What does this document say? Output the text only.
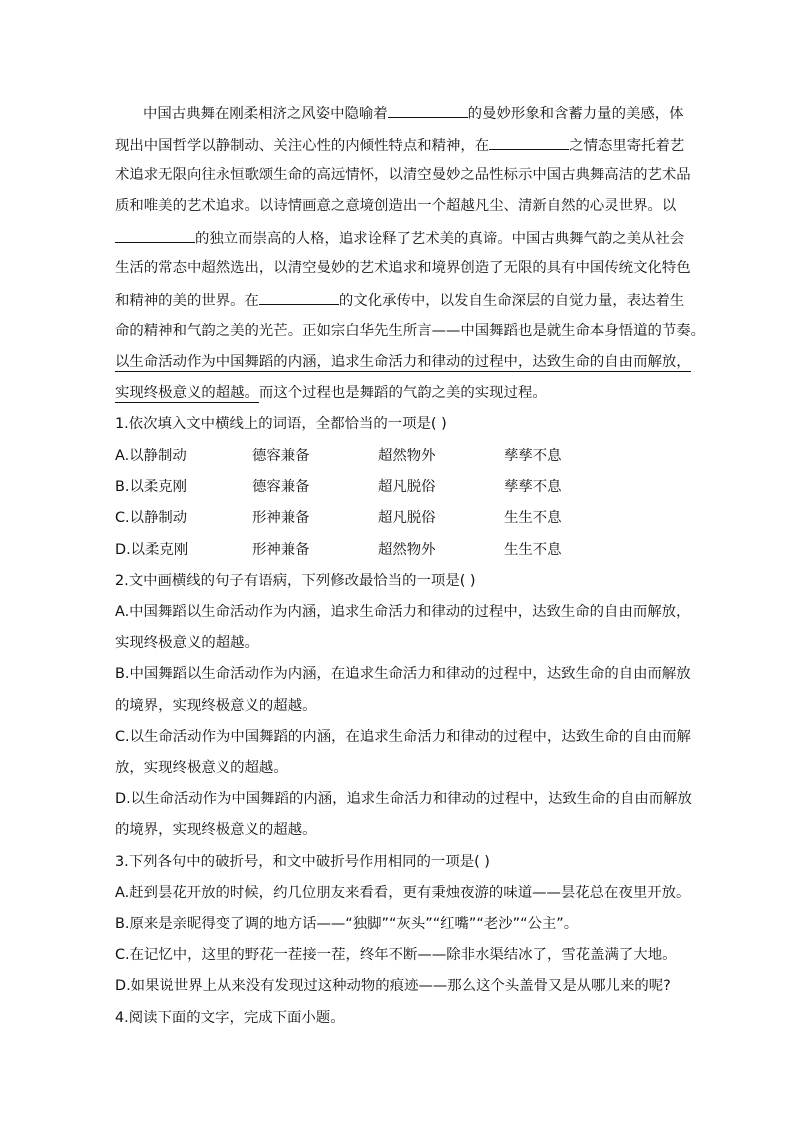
中国古典舞在刚柔相济之风姿中隐喻着	的曼妙形象和含蓄力量的美感，体
现出中国哲学以静制动、关注心性的内倾性特点和精神，在	之情态里寄托着艺
术追求无限向往永恒歌颂生命的高远情怀，以清空曼妙之品性标示中国古典舞高洁的艺术品
质和唯美的艺术追求。以诗情画意之意境创造出一个超越凡尘、清新自然的心灵世界。以
的独立而崇高的人格，追求诠释了艺术美的真谛。中国古典舞气韵之美从社会
生活的常态中超然选出，以清空曼妙的艺术追求和境界创造了无限的具有中国传统文化特色
和精神的美的世界。在	的文化承传中，以发自生命深层的自觉力量，表达着生
命的精神和气韵之美的光芒。正如宗白华先生所言——中国舞蹈也是就生命本身悟道的节奏。
以生命活动作为中国舞蹈的内涵，追求生命活力和律动的过程中，达致生命的自由而解放，
实现终极意义的超越。而这个过程也是舞蹈的气韵之美的实现过程。
1.依次填入文中横线上的词语，全都恰当的一项是( )
A.以静制动	德容兼备	超然物外	孳孳不息
B.以柔克刚	德容兼备	超凡脱俗	孳孳不息
C.以静制动	形神兼备	超凡脱俗	生生不息
D.以柔克刚	形神兼备	超然物外	生生不息
2.文中画横线的句子有语病，下列修改最恰当的一项是( )
A.中国舞蹈以生命活动作为内涵，追求生命活力和律动的过程中，达致生命的自由而解放，
实现终极意义的超越。
B.中国舞蹈以生命活动作为内涵，在追求生命活力和律动的过程中，达致生命的自由而解放
的境界，实现终极意义的超越。
C.以生命活动作为中国舞蹈的内涵，在追求生命活力和律动的过程中，达致生命的自由而解
放，实现终极意义的超越。
D.以生命活动作为中国舞蹈的内涵，追求生命活力和律动的过程中，达致生命的自由而解放
的境界，实现终极意义的超越。
3.下列各句中的破折号，和文中破折号作用相同的一项是( )
A.赶到昙花开放的时候，约几位朋友来看看，更有秉烛夜游的味道——昙花总在夜里开放。
B.原来是亲昵得变了调的地方话——“独脚”“灰头”“红嘴”“老沙”“公主”。
C.在记忆中，这里的野花一茬接一茬，终年不断——除非水渠结冰了，雪花盖满了大地。
D.如果说世界上从来没有发现过这种动物的痕迹——那么这个头盖骨又是从哪儿来的呢?
4.阅读下面的文字，完成下面小题。
